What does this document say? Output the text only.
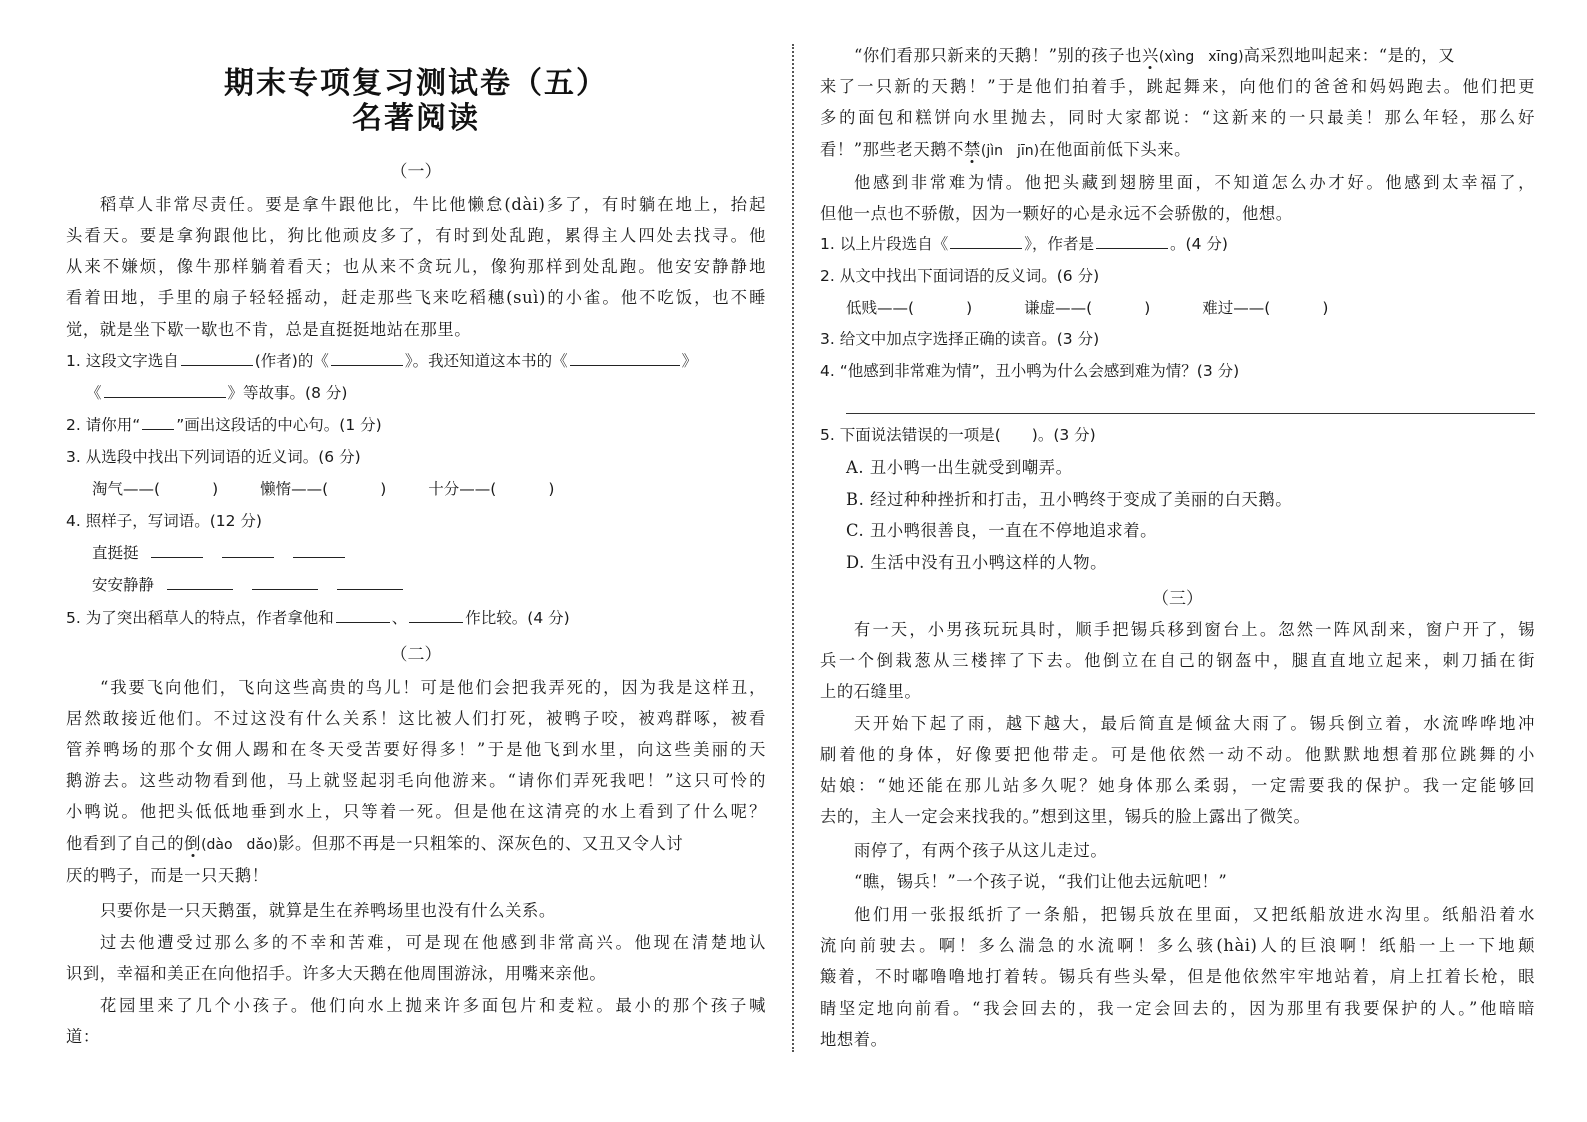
期末专项复习测试卷（五）
名著阅读
（一）
稻草人非常尽责任。要是拿牛跟他比，牛比他懒怠(dài)多了，有时躺在地上，抬起
头看天。要是拿狗跟他比，狗比他顽皮多了，有时到处乱跑，累得主人四处去找寻。他
从来不嫌烦，像牛那样躺着看天；也从来不贪玩儿，像狗那样到处乱跑。他安安静静地
看着田地，手里的扇子轻轻摇动，赶走那些飞来吃稻穗(suì)的小雀。他不吃饭，也不睡
觉，就是坐下歇一歇也不肯，总是直挺挺地站在那里。
1. 这段文字选自	(作者)的《	》。我还知道这本书的《	》
《	》等故事。(8 分)
2. 请你用“ ”画出这段话的中心句。(1 分)
3. 从选段中找出下列词语的近义词。(6 分)
淘气——(	)	懒惰——(	)	十分——(	)
4. 照样子，写词语。(12 分)
直挺挺
安安静静
5. 为了突出稻草人的特点，作者拿他和	、	作比较。(4 分)
（二）
“我要飞向他们，飞向这些高贵的鸟儿！可是他们会把我弄死的，因为我是这样丑，
居然敢接近他们。不过这没有什么关系！这比被人们打死，被鸭子咬，被鸡群啄，被看
管养鸭场的那个女佣人踢和在冬天受苦要好得多！”于是他飞到水里，向这些美丽的天
鹅游去。这些动物看到他，马上就竖起羽毛向他游来。“请你们弄死我吧！”这只可怜的
小鸭说。他把头低低地垂到水上，只等着一死。但是他在这清亮的水上看到了什么呢？
他看到了自己的倒(dào　dǎo)影。但那不再是一只粗笨的、深灰色的、又丑又令人讨
厌的鸭子，而是一只天鹅！
只要你是一只天鹅蛋，就算是生在养鸭场里也没有什么关系。
过去他遭受过那么多的不幸和苦难，可是现在他感到非常高兴。他现在清楚地认
识到，幸福和美正在向他招手。许多大天鹅在他周围游泳，用嘴来亲他。
花园里来了几个小孩子。他们向水上抛来许多面包片和麦粒。最小的那个孩子喊
道：
“你们看那只新来的天鹅！”别的孩子也兴(xìng　xīng)高采烈地叫起来：“是的，又
来了一只新的天鹅！”于是他们拍着手，跳起舞来，向他们的爸爸和妈妈跑去。他们把更
多的面包和糕饼向水里抛去，同时大家都说：“这新来的一只最美！那么年轻，那么好
看！”那些老天鹅不禁(jìn　jīn)在他面前低下头来。
他感到非常难为情。他把头藏到翅膀里面，不知道怎么办才好。他感到太幸福了，
但他一点也不骄傲，因为一颗好的心是永远不会骄傲的，他想。
1. 以上片段选自《	》，作者是	。(4 分)
2. 从文中找出下面词语的反义词。(6 分)
低贱——(	)	谦虚——(	)	难过——(	)
3. 给文中加点字选择正确的读音。(3 分)
4. “他感到非常难为情”，丑小鸭为什么会感到难为情？(3 分)
5. 下面说法错误的一项是(　　)。(3 分)
A. 丑小鸭一出生就受到嘲弄。
B. 经过种种挫折和打击，丑小鸭终于变成了美丽的白天鹅。
C. 丑小鸭很善良，一直在不停地追求着。
D. 生活中没有丑小鸭这样的人物。
（三）
有一天，小男孩玩玩具时，顺手把锡兵移到窗台上。忽然一阵风刮来，窗户开了，锡
兵一个倒栽葱从三楼摔了下去。他倒立在自己的钢盔中，腿直直地立起来，刺刀插在街
上的石缝里。
天开始下起了雨，越下越大，最后简直是倾盆大雨了。锡兵倒立着，水流哗哗地冲
刷着他的身体，好像要把他带走。可是他依然一动不动。他默默地想着那位跳舞的小
姑娘：“她还能在那儿站多久呢？她身体那么柔弱，一定需要我的保护。我一定能够回
去的，主人一定会来找我的。”想到这里，锡兵的脸上露出了微笑。
雨停了，有两个孩子从这儿走过。
“瞧，锡兵！”一个孩子说，“我们让他去远航吧！”
他们用一张报纸折了一条船，把锡兵放在里面，又把纸船放进水沟里。纸船沿着水
流向前驶去。啊！多么湍急的水流啊！多么骇(hài)人的巨浪啊！纸船一上一下地颠
簸着，不时嘟噜噜地打着转。锡兵有些头晕，但是他依然牢牢地站着，肩上扛着长枪，眼
睛坚定地向前看。“我会回去的，我一定会回去的，因为那里有我要保护的人。”他暗暗
地想着。
